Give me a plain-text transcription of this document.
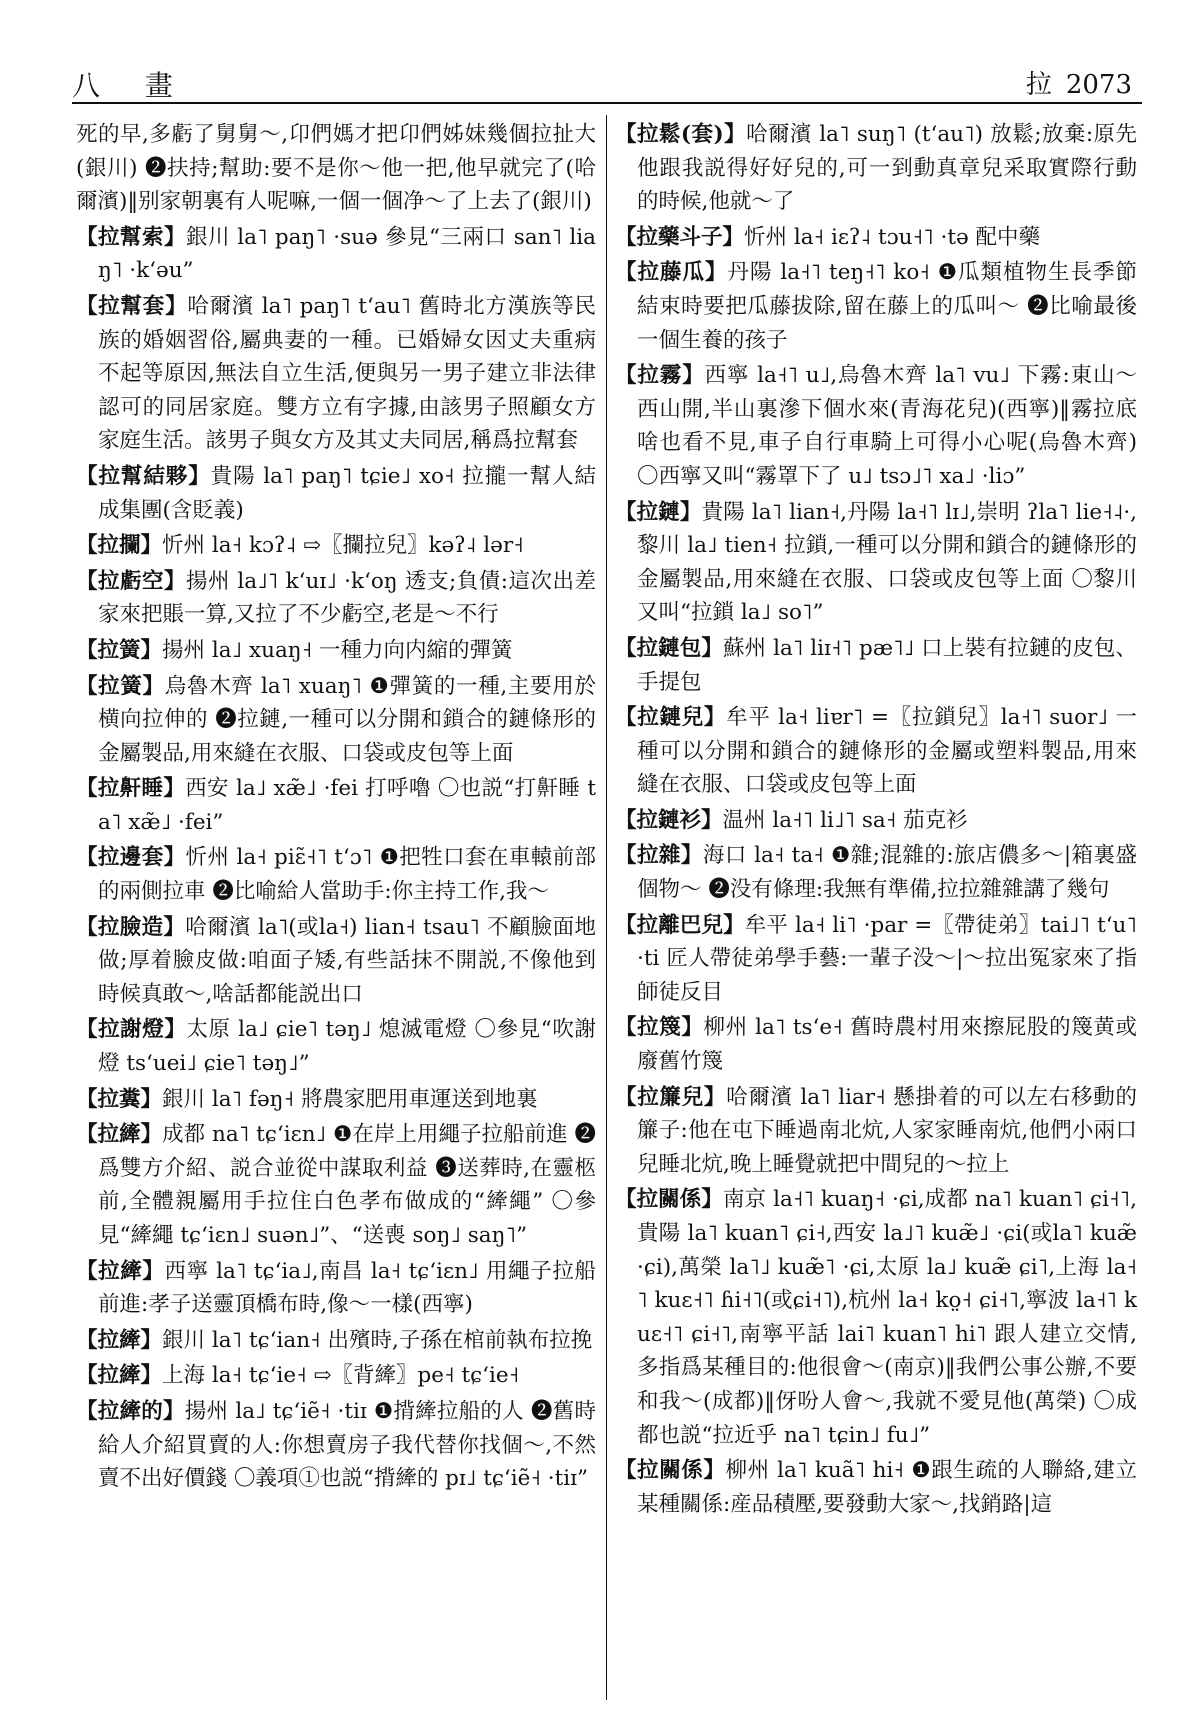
八 畫	拉 2073
死的早,多虧了舅舅～,卬們媽才把卬們姊妹幾個拉扯大(銀川) ❷扶持;幫助:要不是你～他一把,他早就完了(哈爾濱)‖别家朝裏有人呢嘛,一個一個净～了上去了(銀川)
【拉幫索】銀川 la˥ paŋ˥ ·suə 參見“三兩口 san˥ liaŋ˥ ·kʻəu”
【拉幫套】哈爾濱 la˥ paŋ˥ tʻau˥ 舊時北方漢族等民族的婚姻習俗,屬典妻的一種。已婚婦女因丈夫重病不起等原因,無法自立生活,便與另一男子建立非法律認可的同居家庭。雙方立有字據,由該男子照顧女方家庭生活。該男子與女方及其丈夫同居,稱爲拉幫套
【拉幫結夥】貴陽 la˥ paŋ˥ tɕie˩ xo˧ 拉攏一幫人結成集團(含貶義)
【拉攔】忻州 la˧ kɔʔ˨ ⇨〖攔拉兒〗kəʔ˨ lər˧
【拉虧空】揚州 la˩˥ kʻuɪ˩ ·kʻoŋ 透支;負債:這次出差家來把賬一算,又拉了不少虧空,老是～不行
【拉簧】揚州 la˩ xuaŋ˧ 一種力向内縮的彈簧
【拉簧】烏魯木齊 la˥ xuaŋ˥ ❶彈簧的一種,主要用於横向拉伸的 ❷拉鏈,一種可以分開和鎖合的鏈條形的金屬製品,用來縫在衣服、口袋或皮包等上面
【拉鼾睡】西安 la˩ xæ̃˩ ·fei 打呼嚕 〇也説“打鼾睡 ta˥ xæ̃˩ ·fei”
【拉邊套】忻州 la˧ piɛ̃˧˥ tʻɔ˥ ❶把牲口套在車轅前部的兩側拉車 ❷比喻給人當助手:你主持工作,我～
【拉臉造】哈爾濱 la˥(或la˧) lian˧ tsau˥ 不顧臉面地做;厚着臉皮做:咱面子矮,有些話抹不開説,不像他到時候真敢～,啥話都能説出口
【拉謝燈】太原 la˩ ɕie˥ təŋ˩ 熄滅電燈 〇參見“吹謝燈 tsʻuei˩ ɕie˥ təŋ˩”
【拉糞】銀川 la˥ fəŋ˧ 將農家肥用車運送到地裏
【拉縴】成都 na˥ tɕʻiɛn˩ ❶在岸上用繩子拉船前進 ❷爲雙方介紹、説合並從中謀取利益 ❸送葬時,在靈柩前,全體親屬用手拉住白色孝布做成的“縴繩” 〇參見“縴繩 tɕʻiɛn˩ suən˩”、“送喪 soŋ˩ saŋ˥”
【拉縴】西寧 la˥ tɕʻia˩,南昌 la˧ tɕʻiɛn˩ 用繩子拉船前進:孝子送靈頂橋布時,像～一樣(西寧)
【拉縴】銀川 la˥ tɕʻian˧ 出殯時,子孫在棺前執布拉挽
【拉縴】上海 la˧ tɕʻie˧ ⇨〖背縴〗pe˧ tɕʻie˧
【拉縴的】揚州 la˩ tɕʻiẽ˧ ·tiɪ ❶揹縴拉船的人 ❷舊時給人介紹買賣的人:你想賣房子我代替你找個～,不然賣不出好價錢 〇義項①也説“揹縴的 pɪ˩ tɕʻiẽ˧ ·tiɪ”
【拉鬆(套)】哈爾濱 la˥ suŋ˥ (tʻau˥) 放鬆;放棄:原先他跟我説得好好兒的,可一到動真章兒采取實際行動的時候,他就～了
【拉藥斗子】忻州 la˧ iɛʔ˨ tɔu˧˥ ·tə 配中藥
【拉藤瓜】丹陽 la˧˥ teŋ˧˥ ko˧ ❶瓜類植物生長季節結束時要把瓜藤拔除,留在藤上的瓜叫～ ❷比喻最後一個生養的孩子
【拉霧】西寧 la˧˥ u˩,烏魯木齊 la˥ vu˩ 下霧:東山～西山開,半山裏滲下個水來(青海花兒)(西寧)‖霧拉底啥也看不見,車子自行車騎上可得小心呢(烏魯木齊) 〇西寧又叫“霧罩下了 u˩ tsɔ˩˥ xa˩ ·liɔ”
【拉鏈】貴陽 la˥ lian˧,丹陽 la˧˥ lɪ˩,崇明 ʔla˥ lie˧˨·,黎川 la˩ tien˧ 拉鎖,一種可以分開和鎖合的鏈條形的金屬製品,用來縫在衣服、口袋或皮包等上面 〇黎川又叫“拉鎖 la˩ so˥”
【拉鏈包】蘇州 la˥ liɪ˧˥ pæ˥˩ 口上裝有拉鏈的皮包、手提包
【拉鏈兒】牟平 la˧ liɐr˥ =〖拉鎖兒〗la˧˥ suor˩ 一種可以分開和鎖合的鏈條形的金屬或塑料製品,用來縫在衣服、口袋或皮包等上面
【拉鏈衫】温州 la˧˥ li˩˥ sa˧ 茄克衫
【拉雜】海口 la˧ ta˧ ❶雜;混雜的:旅店儂多～|箱裏盛個物～ ❷没有條理:我無有準備,拉拉雜雜講了幾句
【拉離巴兒】牟平 la˧ li˥ ·par =〖帶徒弟〗tai˩˥ tʻu˥ ·ti 匠人帶徒弟學手藝:一輩子没～|～拉出冤家來了指師徒反目
【拉篾】柳州 la˥ tsʻe˧ 舊時農村用來擦屁股的篾黄或廢舊竹篾
【拉簾兒】哈爾濱 la˥ liar˧ 懸掛着的可以左右移動的簾子:他在屯下睡過南北炕,人家家睡南炕,他們小兩口兒睡北炕,晚上睡覺就把中間兒的～拉上
【拉關係】南京 la˧˥ kuaŋ˧ ·ɕi,成都 na˥ kuan˥ ɕi˧˥,貴陽 la˥ kuan˥ ɕi˧,西安 la˩˥ kuæ̃˩ ·ɕi(或la˥ kuæ̃ ·ɕi),萬榮 la˥˩ kuæ̃˥ ·ɕi,太原 la˩ kuæ̃ ɕi˥,上海 la˧˥ kuɛ˧˥ ɦi˧˥(或ɕi˧˥),杭州 la˧ ko̤˧ ɕi˧˥,寧波 la˧˥ kuɛ˧˥ ɕi˧˥,南寧平話 lai˥ kuan˥ hi˥ 跟人建立交情,多指爲某種目的:他很會～(南京)‖我們公事公辦,不要和我～(成都)‖伢吩人會～,我就不愛見他(萬榮) 〇成都也説“拉近乎 na˥ tɕin˩ fu˩”
【拉關係】柳州 la˥ kuã˥ hi˧ ❶跟生疏的人聯絡,建立某種關係:産品積壓,要發動大家～,找銷路|這
